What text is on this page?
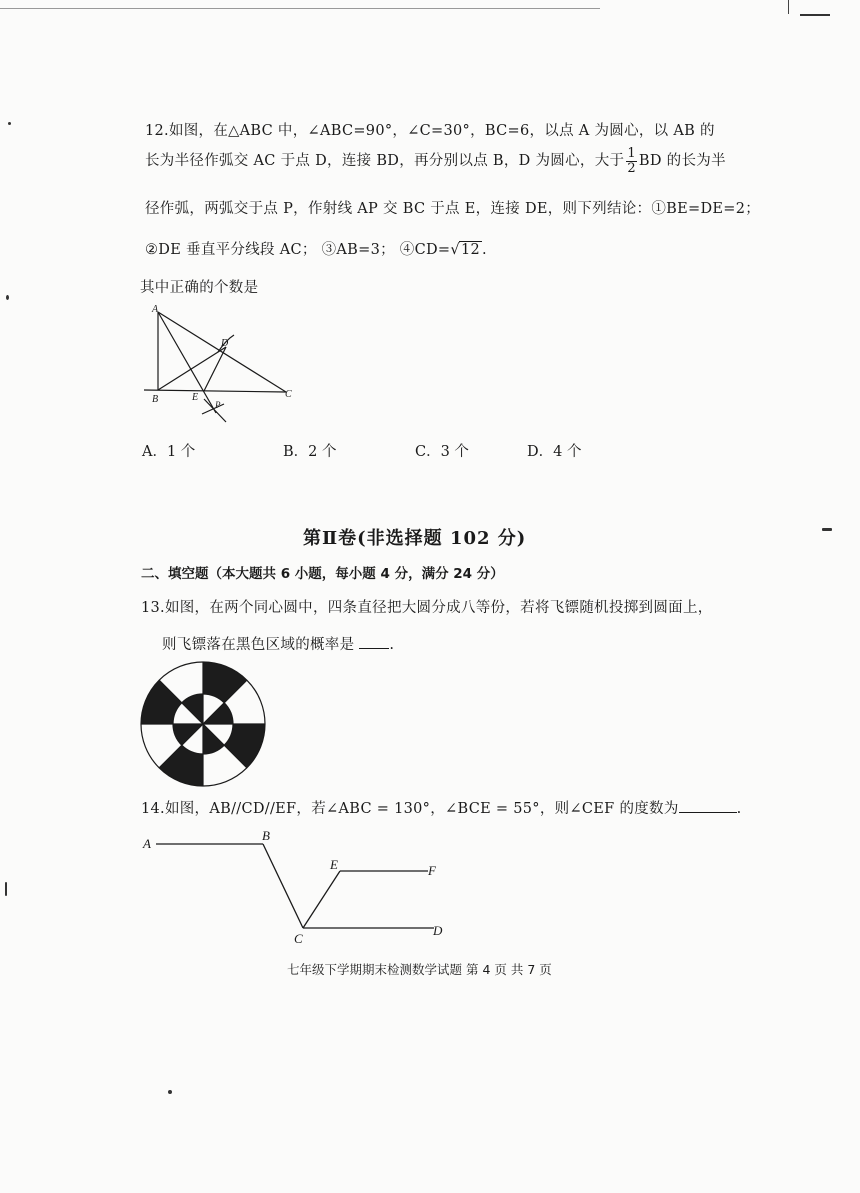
12.如图，在△ABC 中，∠ABC=90°，∠C=30°，BC=6，以点 A 为圆心，以 AB 的
长为半径作弧交 AC 于点 D，连接 BD，再分别以点 B，D 为圆心，大于 $\frac{1}{2}$ BD 的长为半
径作弧，两弧交于点 P，作射线 AP 交 BC 于点 E，连接 DE，则下列结论：①BE=DE=2；
②DE 垂直平分线段 AC； ③AB=3； ④CD=√12 .
其中正确的个数是
A
B	C
D
E
P
A．1 个	B．2 个	C．3 个	D．4 个
第Ⅱ卷(非选择题 102 分)
二、填空题（本大题共 6 小题，每小题 4 分，满分 24 分）
13.如图，在两个同心圆中，四条直径把大圆分成八等份，若将飞镖随机投掷到圆面上，
则飞镖落在黑色区域的概率是 .
14.如图，AB//CD//EF，若∠ABC = 130°，∠BCE = 55°，则∠CEF 的度数为	.
A
B
C
D
E	F
七年级下学期期末检测数学试题 第 4 页 共 7 页
